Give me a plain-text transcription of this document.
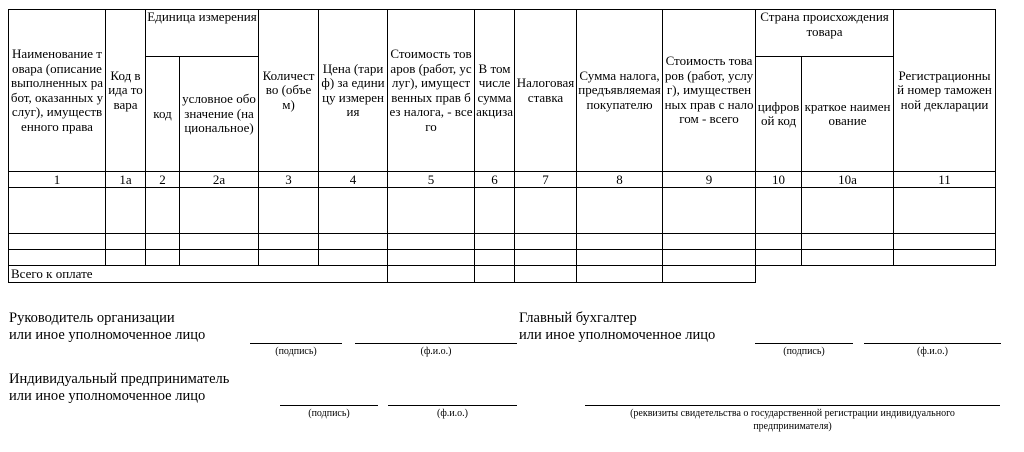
Наименование товара (описание выполненных работ, оказанных услуг), имущественного права	Код вида товара	Единица измерения		Количество (объем)	Цена (тариф) за единицу измерения	Стоимость товаров (работ, услуг), имущественных прав без налога, - всего	В том числе сумма акциза	Налоговая ставка	Сумма налога, предъявляемая покупателю	Стоимость товаров (работ, услуг), имущественных прав с налогом - всего	Страна происхождения товара		Регистрационный номер таможенной декларации
		код	условное обозначение (национальное)								цифровой код	краткое наименование	
1	1а	2	2а	3	4	5	6	7	8	9	10	10а	11

Всего к оплате													
Руководитель организации
или иное уполномоченное лицо
(подпись)	(ф.и.о.)
Главный бухгалтер
или иное уполномоченное лицо
(подпись)	(ф.и.о.)
Индивидуальный предприниматель
или иное уполномоченное лицо
(подпись)	(ф.и.о.)	(реквизиты свидетельства о государственной регистрации индивидуального
предпринимателя)
